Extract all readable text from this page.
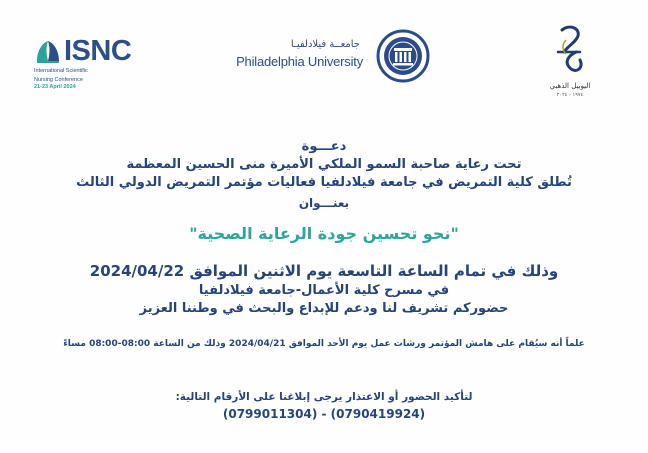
ISNC
International Scientific
Nursing Conference
21-23 April 2024
جامعــة فيلادلفيـا
Philadelphia University
اليوبيل الذهبي
١٩٧٤ - ٢٠٢٤
دعـــوة
تحت رعاية صاحبة السمو الملكي الأميرة منى الحسين المعظمة
تُطلق كلية التمريض في جامعة فيلادلفيا فعاليات مؤتمر التمريض الدولي الثالث
بعنـــوان
"نحو تحسين جودة الرعاية الصحية"
وذلك في تمام الساعة التاسعة يوم الاثنين الموافق 2024/04/22
في مسرح كلية الأعمال-جامعة فيلادلفيا
حضوركم تشريف لنا ودعم للإبداع والبحث في وطننا العزيز
علماً أنه سيُقام على هامش المؤتمر ورشات عمل يوم الأحد الموافق 2024/04/21 وذلك من الساعة 08:00-08:00 مساءً
لتأكيد الحضور أو الاعتذار يرجى إبلاغنا على الأرقام التالية:
(0790419924) - (0799011304)
